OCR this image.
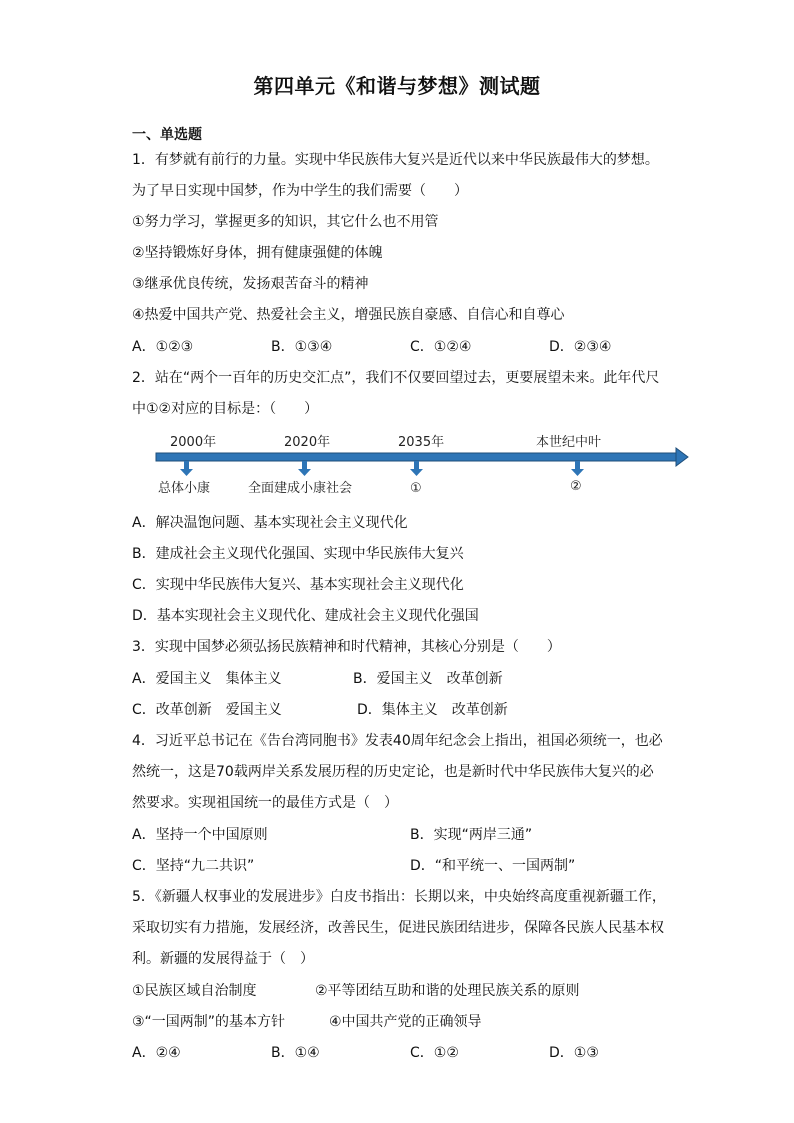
第四单元《和谐与梦想》测试题
一、单选题
1．有梦就有前行的力量。实现中华民族伟大复兴是近代以来中华民族最伟大的梦想。
为了早日实现中国梦，作为中学生的我们需要（　　）
①努力学习，掌握更多的知识，其它什么也不用管
②坚持锻炼好身体，拥有健康强健的体魄
③继承优良传统，发扬艰苦奋斗的精神
④热爱中国共产党、热爱社会主义，增强民族自豪感、自信心和自尊心
A．①②③	B．①③④	C．①②④	D．②③④
2．站在“两个一百年的历史交汇点”，我们不仅要回望过去，更要展望未来。此年代尺
中①②对应的目标是：（　　）
2000年	2020年	2035年	本世纪中叶
总体小康	全面建成小康社会	①	②
A．解决温饱问题、基本实现社会主义现代化
B．建成社会主义现代化强国、实现中华民族伟大复兴
C．实现中华民族伟大复兴、基本实现社会主义现代化
D．基本实现社会主义现代化、建成社会主义现代化强国
3．实现中国梦必须弘扬民族精神和时代精神，其核心分别是（　　）
A．爱国主义　集体主义	B．爱国主义　改革创新
C．改革创新　爱国主义	D．集体主义　改革创新
4．习近平总书记在《告台湾同胞书》发表40周年纪念会上指出，祖国必须统一，也必
然统一，这是70载两岸关系发展历程的历史定论，也是新时代中华民族伟大复兴的必
然要求。实现祖国统一的最佳方式是（　）
A．坚持一个中国原则	B．实现“两岸三通”
C．坚持“九二共识”	D．“和平统一、一国两制”
5．《新疆人权事业的发展进步》白皮书指出：长期以来，中央始终高度重视新疆工作，
采取切实有力措施，发展经济，改善民生，促进民族团结进步，保障各民族人民基本权
利。新疆的发展得益于（　）
①民族区域自治制度	②平等团结互助和谐的处理民族关系的原则
③“一国两制”的基本方针	④中国共产党的正确领导
A．②④	B．①④	C．①②	D．①③
